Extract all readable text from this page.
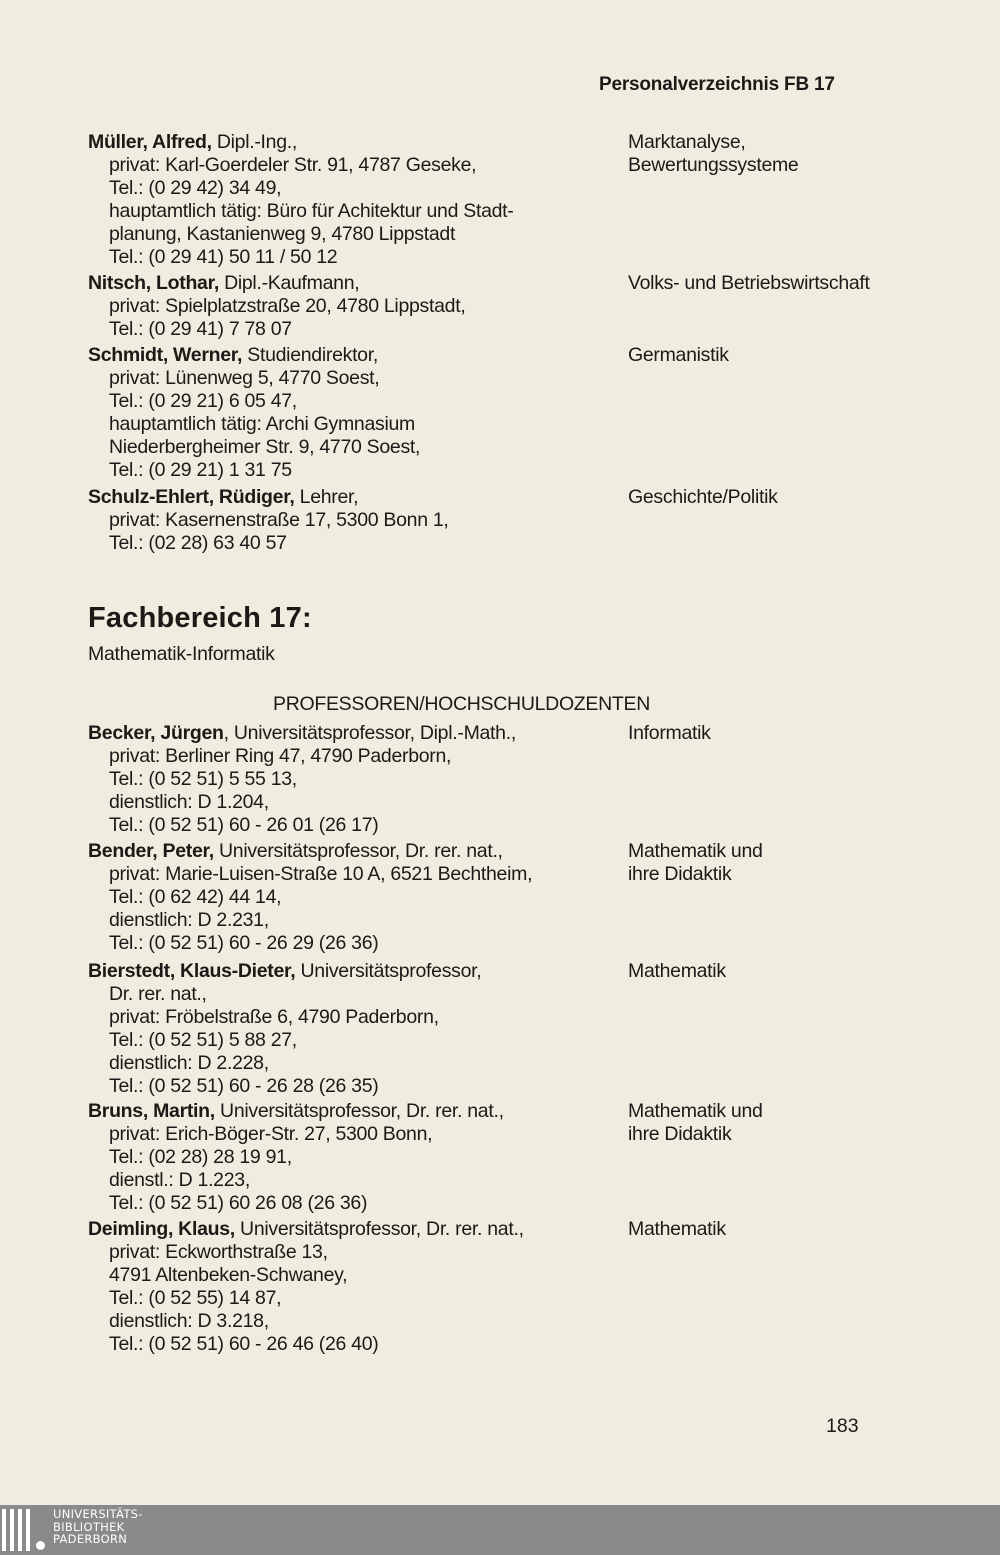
Personalverzeichnis FB 17
Fachbereich 17:
Mathematik-Informatik
PROFESSOREN/HOCHSCHULDOZENTEN
183
Müller, Alfred, Dipl.-Ing.,
privat: Karl-Goerdeler Str. 91, 4787 Geseke,
Tel.: (0 29 42) 34 49,
hauptamtlich tätig: Büro für Achitektur und Stadt-
planung, Kastanienweg 9, 4780 Lippstadt
Tel.: (0 29 41) 50 11 / 50 12
Marktanalyse,
Bewertungssysteme
Nitsch, Lothar, Dipl.-Kaufmann,
privat: Spielplatzstraße 20, 4780 Lippstadt,
Tel.: (0 29 41) 7 78 07
Volks- und Betriebswirtschaft
Schmidt, Werner, Studiendirektor,
privat: Lünenweg 5, 4770 Soest,
Tel.: (0 29 21) 6 05 47,
hauptamtlich tätig: Archi Gymnasium
Niederbergheimer Str. 9, 4770 Soest,
Tel.: (0 29 21) 1 31 75
Germanistik
Schulz-Ehlert, Rüdiger, Lehrer,
privat: Kasernenstraße 17, 5300 Bonn 1,
Tel.: (02 28) 63 40 57
Geschichte/Politik
Becker, Jürgen, Universitätsprofessor, Dipl.-Math.,
privat: Berliner Ring 47, 4790 Paderborn,
Tel.: (0 52 51) 5 55 13,
dienstlich: D 1.204,
Tel.: (0 52 51) 60 - 26 01 (26 17)
Informatik
Bender, Peter, Universitätsprofessor, Dr. rer. nat.,
privat: Marie-Luisen-Straße 10 A, 6521 Bechtheim,
Tel.: (0 62 42) 44 14,
dienstlich: D 2.231,
Tel.: (0 52 51) 60 - 26 29 (26 36)
Mathematik und
ihre Didaktik
Bierstedt, Klaus-Dieter, Universitätsprofessor,
Dr. rer. nat.,
privat: Fröbelstraße 6, 4790 Paderborn,
Tel.: (0 52 51) 5 88 27,
dienstlich: D 2.228,
Tel.: (0 52 51) 60 - 26 28 (26 35)
Mathematik
Bruns, Martin, Universitätsprofessor, Dr. rer. nat.,
privat: Erich-Böger-Str. 27, 5300 Bonn,
Tel.: (02 28) 28 19 91,
dienstl.: D 1.223,
Tel.: (0 52 51) 60 26 08 (26 36)
Mathematik und
ihre Didaktik
Deimling, Klaus, Universitätsprofessor, Dr. rer. nat.,
privat: Eckworthstraße 13,
4791 Altenbeken-Schwaney,
Tel.: (0 52 55) 14 87,
dienstlich: D 3.218,
Tel.: (0 52 51) 60 - 26 46 (26 40)
Mathematik
UNIVERSITÄTS-
BIBLIOTHEK
PADERBORN
